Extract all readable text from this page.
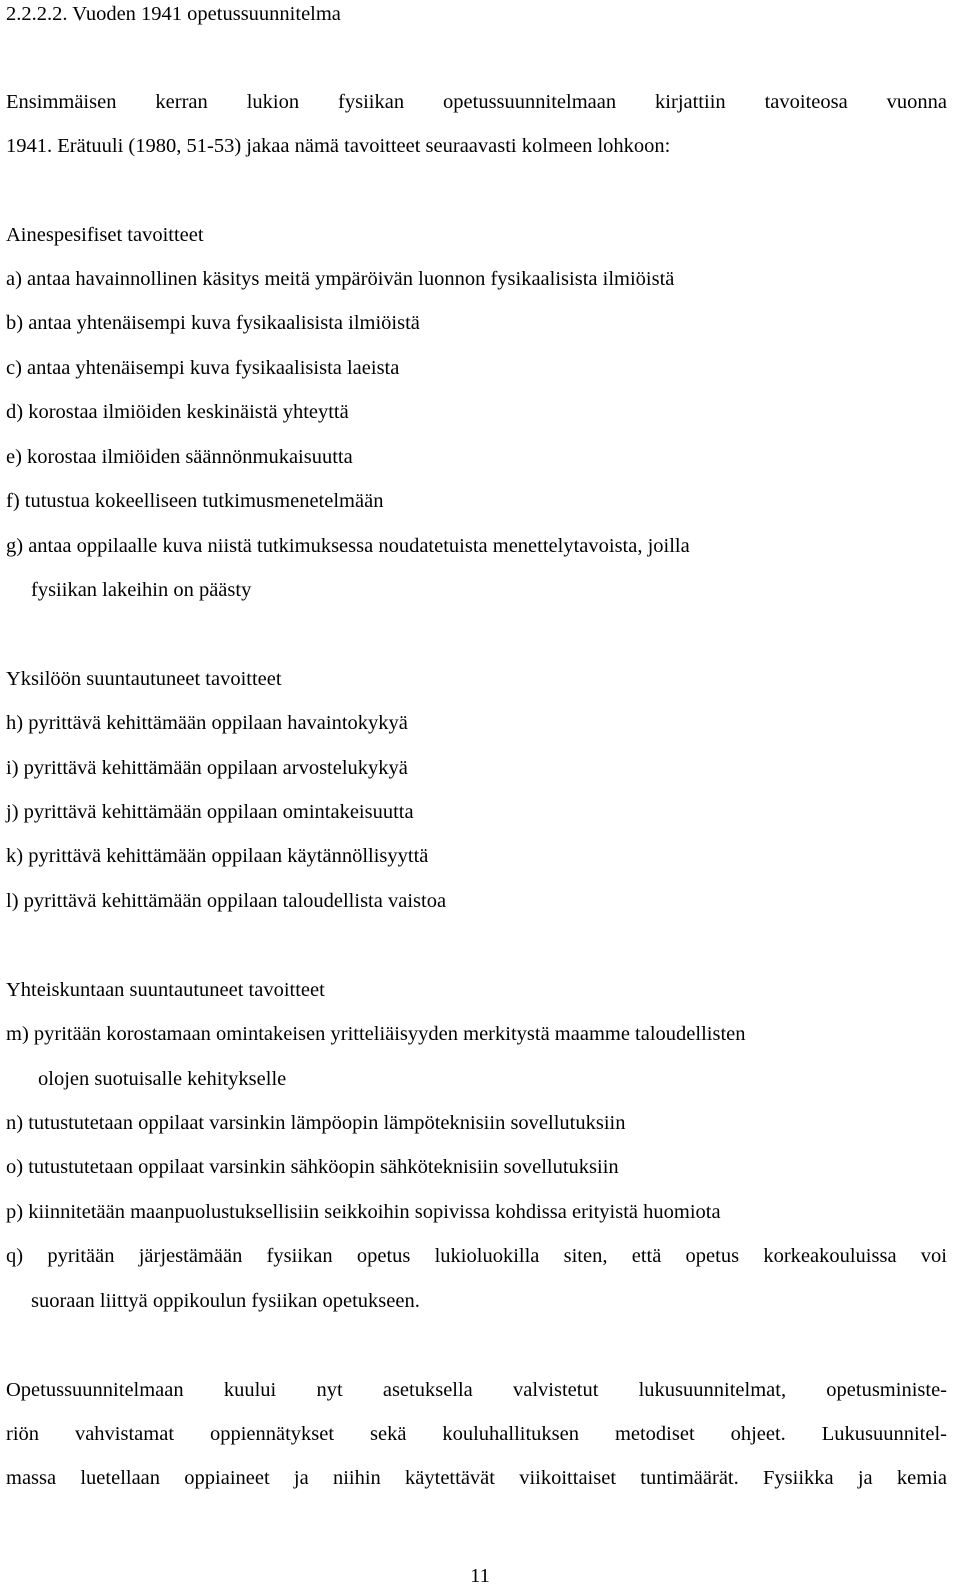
2.2.2.2. Vuoden 1941 opetussuunnitelma
Ensimmäisen kerran lukion fysiikan opetussuunnitelmaan kirjattiin tavoiteosa vuonna
1941. Erätuuli (1980, 51-53) jakaa nämä tavoitteet seuraavasti kolmeen lohkoon:
Ainespesifiset tavoitteet
a) antaa havainnollinen käsitys meitä ympäröivän luonnon fysikaalisista ilmiöistä
b) antaa yhtenäisempi kuva fysikaalisista ilmiöistä
c) antaa yhtenäisempi kuva fysikaalisista laeista
d) korostaa ilmiöiden keskinäistä yhteyttä
e) korostaa ilmiöiden säännönmukaisuutta
f) tutustua kokeelliseen tutkimusmenetelmään
g) antaa oppilaalle kuva niistä tutkimuksessa noudatetuista menettelytavoista, joilla
fysiikan lakeihin on päästy
Yksilöön suuntautuneet tavoitteet
h) pyrittävä kehittämään oppilaan havaintokykyä
i) pyrittävä kehittämään oppilaan arvostelukykyä
j) pyrittävä kehittämään oppilaan omintakeisuutta
k) pyrittävä kehittämään oppilaan käytännöllisyyttä
l) pyrittävä kehittämään oppilaan taloudellista vaistoa
Yhteiskuntaan suuntautuneet tavoitteet
m) pyritään korostamaan omintakeisen yritteliäisyyden merkitystä maamme taloudellisten
olojen suotuisalle kehitykselle
n) tutustutetaan oppilaat varsinkin lämpöopin lämpöteknisiin sovellutuksiin
o) tutustutetaan oppilaat varsinkin sähköopin sähköteknisiin sovellutuksiin
p) kiinnitetään maanpuolustuksellisiin seikkoihin sopivissa kohdissa erityistä huomiota
q) pyritään järjestämään fysiikan opetus lukioluokilla siten, että opetus korkeakouluissa voi
suoraan liittyä oppikoulun fysiikan opetukseen.
Opetussuunnitelmaan kuului nyt asetuksella valvistetut lukusuunnitelmat, opetusministe-
riön vahvistamat oppiennätykset sekä kouluhallituksen metodiset ohjeet. Lukusuunnitel-
massa luetellaan oppiaineet ja niihin käytettävät viikoittaiset tuntimäärät. Fysiikka ja kemia
11
